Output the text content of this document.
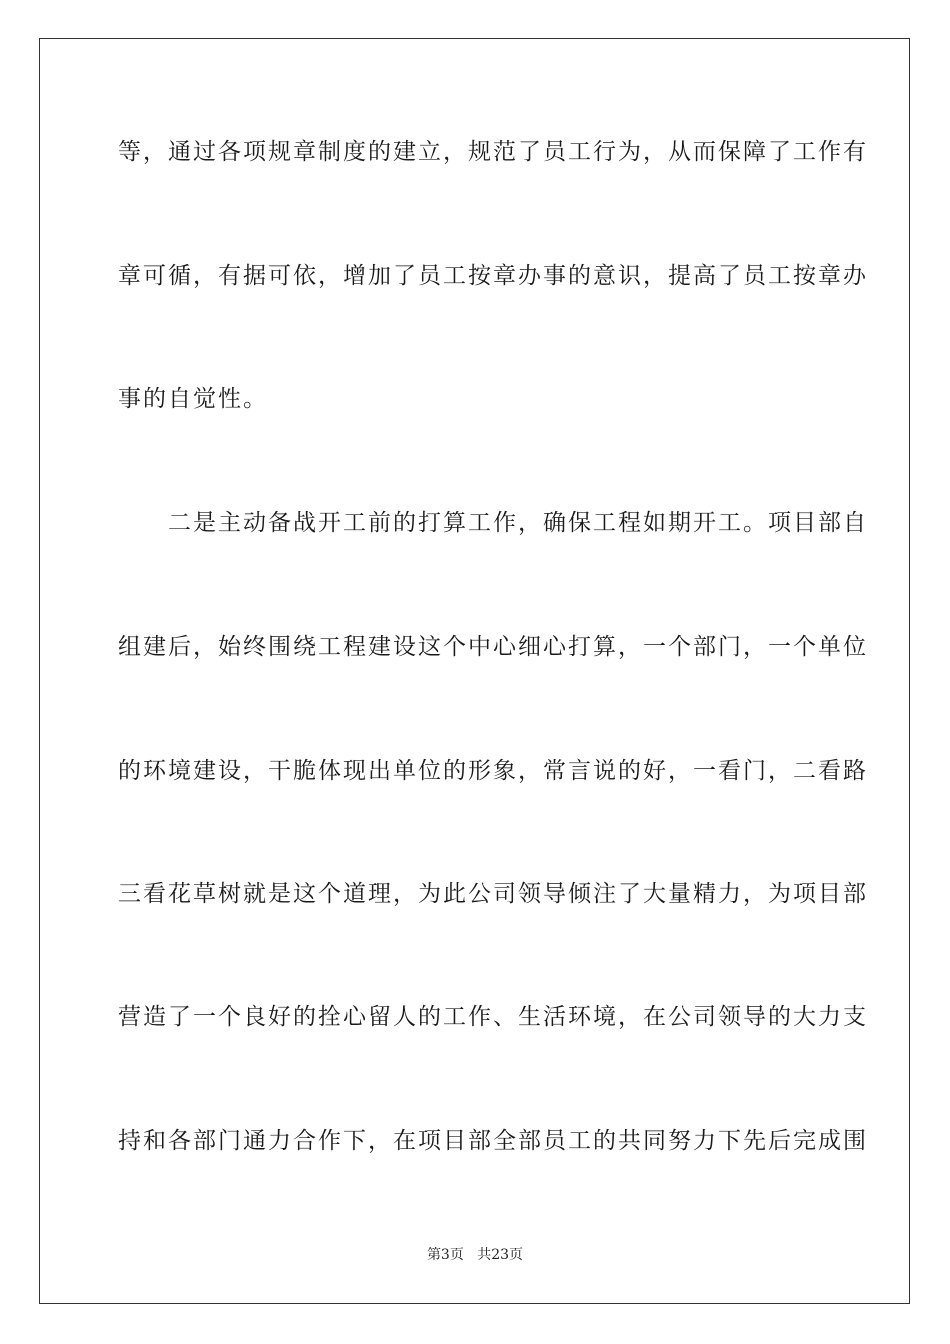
等，通过各项规章制度的建立，规范了员工行为，从而保障了工作有
章可循，有据可依，增加了员工按章办事的意识，提高了员工按章办
事的自觉性。
　　二是主动备战开工前的打算工作，确保工程如期开工。项目部自
组建后，始终围绕工程建设这个中心细心打算，一个部门，一个单位
的环境建设，干脆体现出单位的形象，常言说的好，一看门，二看路
三看花草树就是这个道理，为此公司领导倾注了大量精力，为项目部
营造了一个良好的拴心留人的工作、生活环境，在公司领导的大力支
持和各部门通力合作下，在项目部全部员工的共同努力下先后完成围
第3页 共23页
